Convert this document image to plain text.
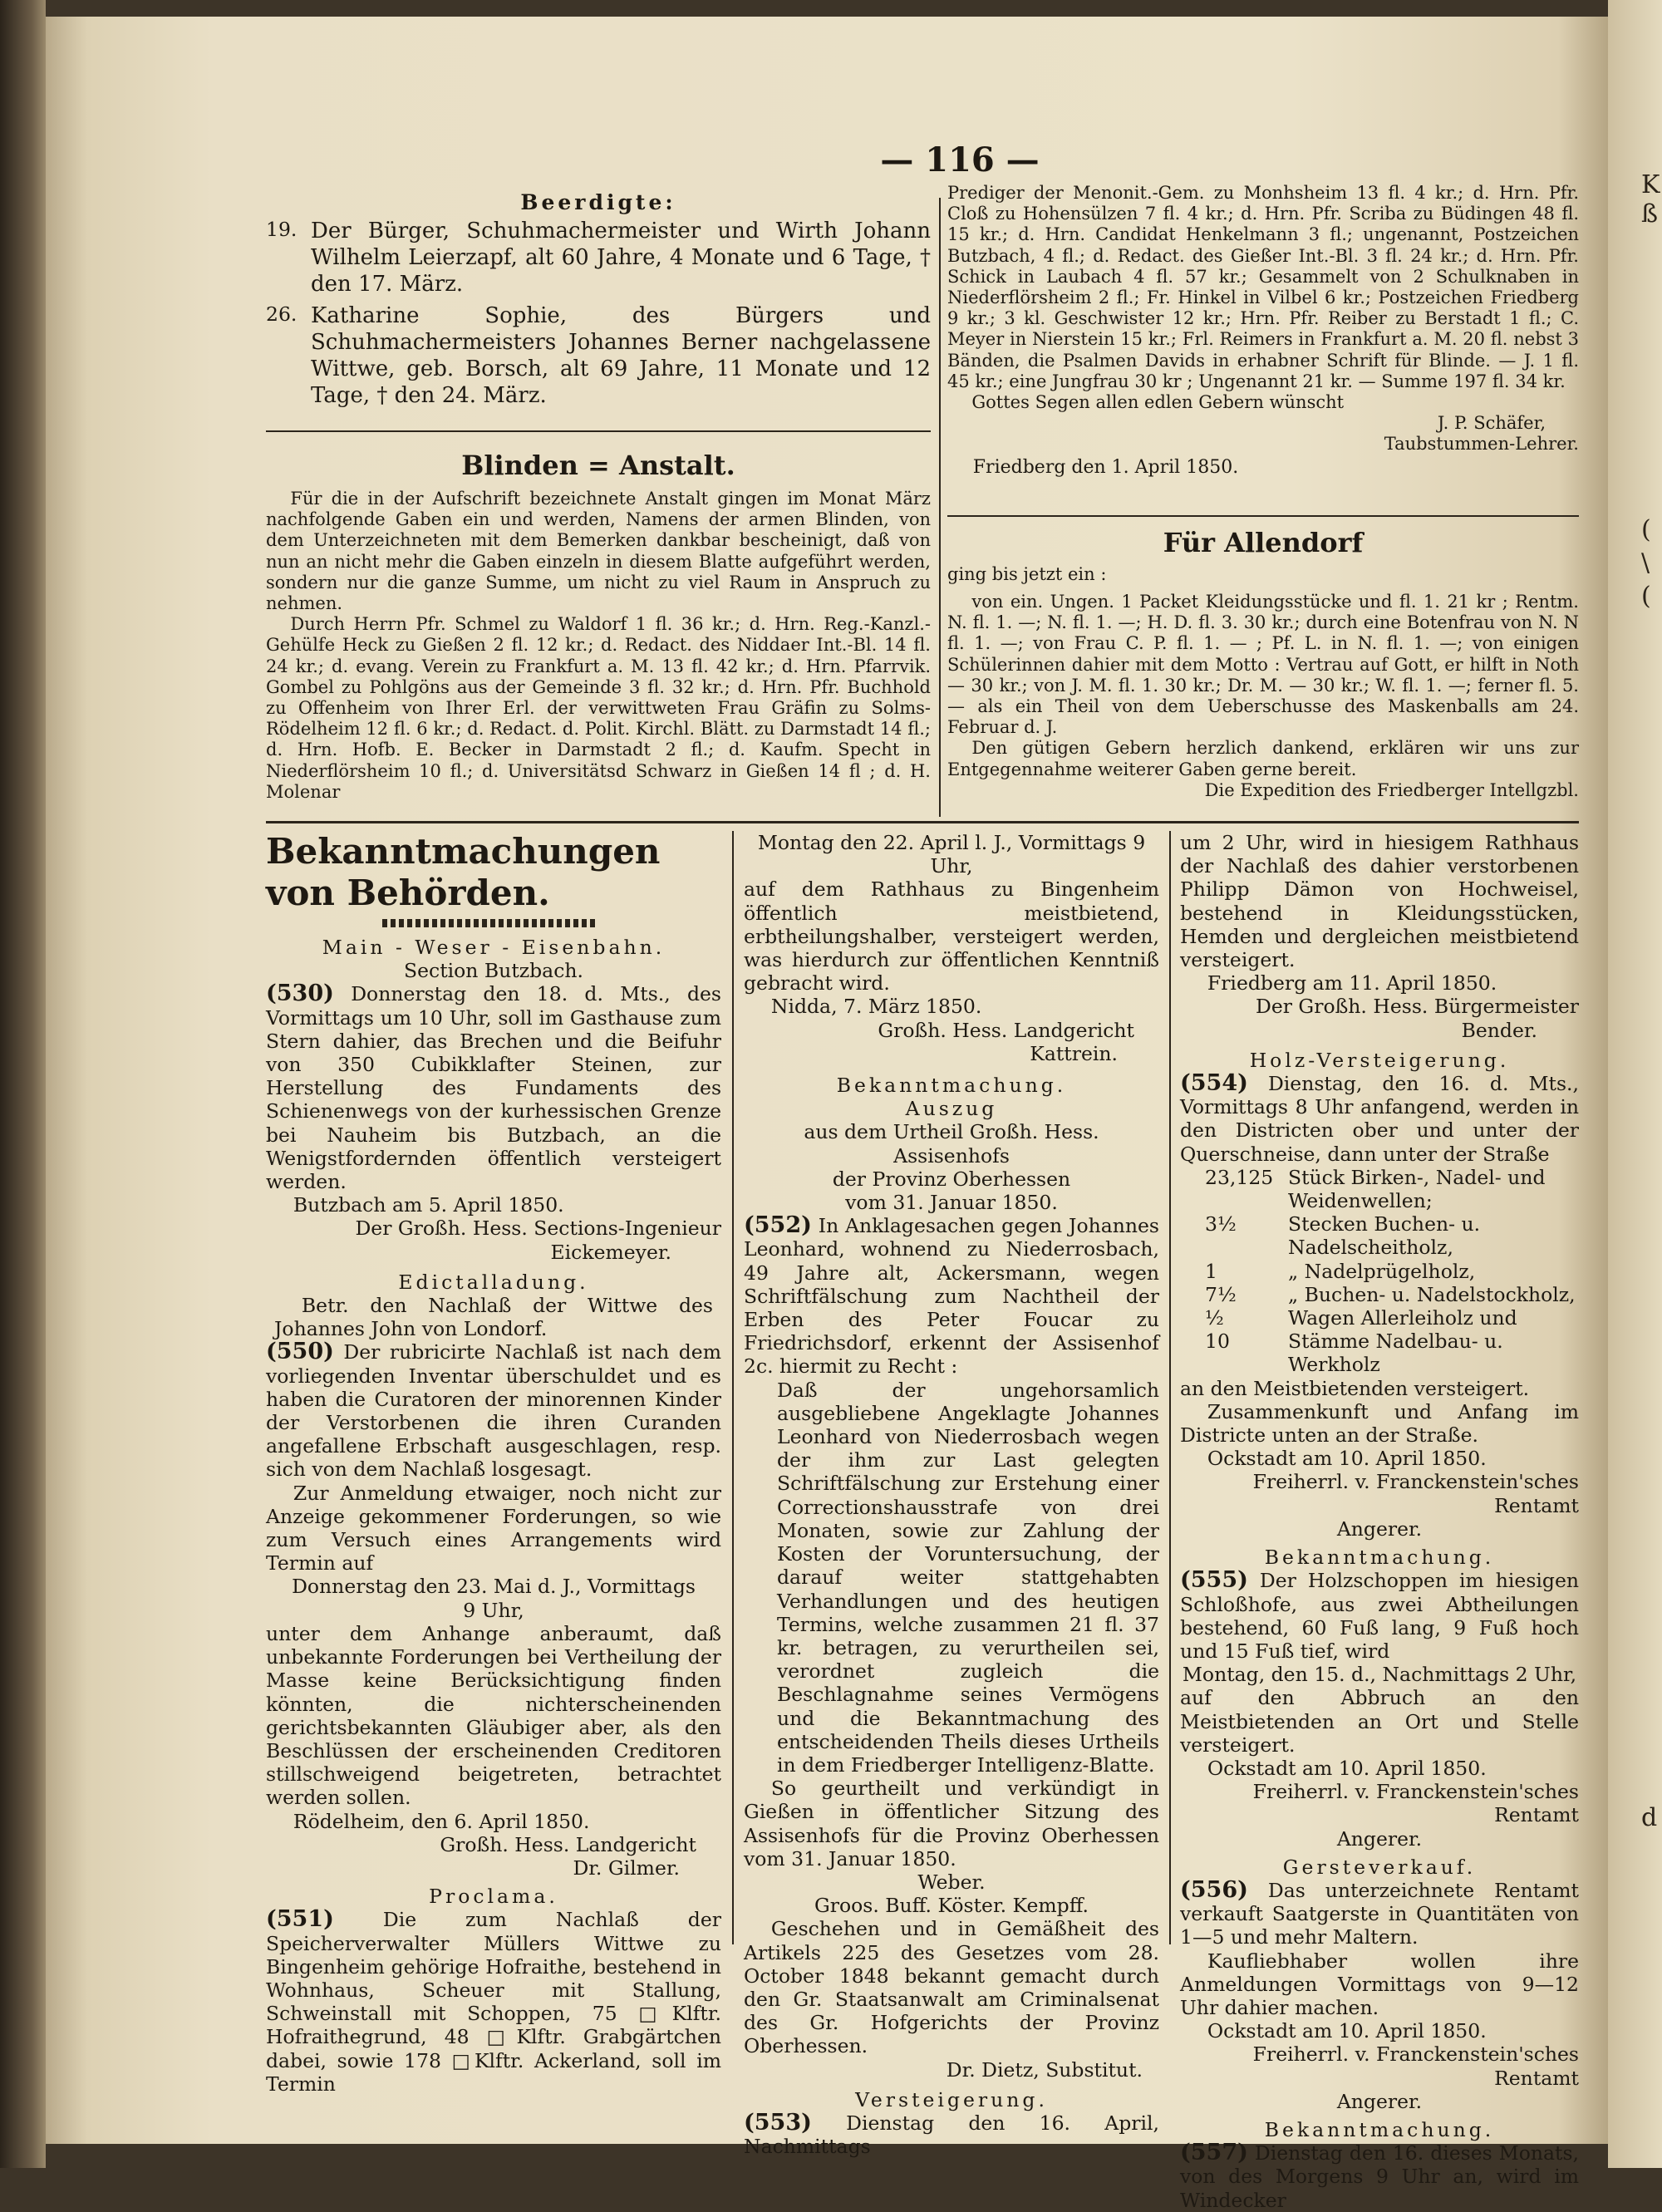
K
ß
(
\
(
d

— 116 —

Beerdigte:

19. Der Bürger, Schuhmachermeister und Wirth Johann Wilhelm Leierzapf, alt 60 Jahre, 4 Monate und 6 Tage, † den 17. März.

26. Katharine Sophie, des Bürgers und Schuhmachermeisters Johannes Berner nachgelassene Wittwe, geb. Borsch, alt 69 Jahre, 11 Monate und 12 Tage, † den 24. März.

Blinden = Anstalt.

Für die in der Aufschrift bezeichnete Anstalt gingen im Monat März nachfolgende Gaben ein und werden, Namens der armen Blinden, von dem Unterzeichneten mit dem Bemerken dankbar bescheinigt, daß von nun an nicht mehr die Gaben einzeln in diesem Blatte aufgeführt werden, sondern nur die ganze Summe, um nicht zu viel Raum in Anspruch zu nehmen.

Durch Herrn Pfr. Schmel zu Waldorf 1 fl. 36 kr.; d. Hrn. Reg.-Kanzl.-Gehülfe Heck zu Gießen 2 fl. 12 kr.; d. Redact. des Niddaer Int.-Bl. 14 fl. 24 kr.; d. evang. Verein zu Frankfurt a. M. 13 fl. 42 kr.; d. Hrn. Pfarrvik. Gombel zu Pohlgöns aus der Gemeinde 3 fl. 32 kr.; d. Hrn. Pfr. Buchhold zu Offenheim von Ihrer Erl. der verwittweten Frau Gräfin zu Solms-Rödelheim 12 fl. 6 kr.; d. Redact. d. Polit. Kirchl. Blätt. zu Darmstadt 14 fl.; d. Hrn. Hofb. E. Becker in Darmstadt 2 fl.; d. Kaufm. Specht in Niederflörsheim 10 fl.; d. Universitätsd Schwarz in Gießen 14 fl ; d. H. Molenar

Prediger der Menonit.-Gem. zu Monhsheim 13 fl. 4 kr.; d. Hrn. Pfr. Cloß zu Hohensülzen 7 fl. 4 kr.; d. Hrn. Pfr. Scriba zu Büdingen 48 fl. 15 kr.; d. Hrn. Candidat Henkelmann 3 fl.; ungenannt, Postzeichen Butzbach, 4 fl.; d. Redact. des Gießer Int.-Bl. 3 fl. 24 kr.; d. Hrn. Pfr. Schick in Laubach 4 fl. 57 kr.; Gesammelt von 2 Schulknaben in Niederflörsheim 2 fl.; Fr. Hinkel in Vilbel 6 kr.; Postzeichen Friedberg 9 kr.; 3 kl. Geschwister 12 kr.; Hrn. Pfr. Reiber zu Berstadt 1 fl.; C. Meyer in Nierstein 15 kr.; Frl. Reimers in Frankfurt a. M. 20 fl. nebst 3 Bänden, die Psalmen Davids in erhabner Schrift für Blinde. — J. 1 fl. 45 kr.; eine Jungfrau 30 kr ; Ungenannt 21 kr. — Summe 197 fl. 34 kr.

Gottes Segen allen edlen Gebern wünscht

J. P. Schäfer,

Taubstummen-Lehrer.

Friedberg den 1. April 1850.

Für Allendorf

ging bis jetzt ein :

von ein. Ungen. 1 Packet Kleidungsstücke und fl. 1. 21 kr ; Rentm. N. fl. 1. —; N. fl. 1. —; H. D. fl. 3. 30 kr.; durch eine Botenfrau von N. N fl. 1. —; von Frau C. P. fl. 1. — ; Pf. L. in N. fl. 1. —; von einigen Schülerinnen dahier mit dem Motto : Vertrau auf Gott, er hilft in Noth — 30 kr.; von J. M. fl. 1. 30 kr.; Dr. M. — 30 kr.; W. fl. 1. —; ferner fl. 5. — als ein Theil von dem Ueberschusse des Maskenballs am 24. Februar d. J.

Den gütigen Gebern herzlich dankend, erklären wir uns zur Entgegennahme weiterer Gaben gerne bereit.

Die Expedition des Friedberger Intellgzbl.

Bekanntmachungen von Behörden.

Main - Weser - Eisenbahn.

Section Butzbach.

(530) Donnerstag den 18. d. Mts., des Vormittags um 10 Uhr, soll im Gasthause zum Stern dahier, das Brechen und die Beifuhr von 350 Cubikklafter Steinen, zur Herstellung des Fundaments des Schienenwegs von der kurhessischen Grenze bei Nauheim bis Butzbach, an die Wenigstfordernden öffentlich versteigert werden.

Butzbach am 5. April 1850.

Der Großh. Hess. Sections-Ingenieur

Eickemeyer.

Edictalladung.

Betr. den Nachlaß der Wittwe des Johannes John von Londorf.

(550) Der rubricirte Nachlaß ist nach dem vorliegenden Inventar überschuldet und es haben die Curatoren der minorennen Kinder der Verstorbenen die ihren Curanden angefallene Erbschaft ausgeschlagen, resp. sich von dem Nachlaß losgesagt.

Zur Anmeldung etwaiger, noch nicht zur Anzeige gekommener Forderungen, so wie zum Versuch eines Arrangements wird Termin auf

Donnerstag den 23. Mai d. J., Vormittags 9 Uhr,

unter dem Anhange anberaumt, daß unbekannte Forderungen bei Vertheilung der Masse keine Berücksichtigung finden könnten, die nichterscheinenden gerichtsbekannten Gläubiger aber, als den Beschlüssen der erscheinenden Creditoren stillschweigend beigetreten, betrachtet werden sollen.

Rödelheim, den 6. April 1850.

Großh. Hess. Landgericht

Dr. Gilmer.

Proclama.

(551)	Die zum Nachlaß der Speicherverwalter Müllers Wittwe zu Bingenheim gehörige Hofraithe, bestehend in Wohnhaus, Scheuer mit Stallung, Schweinstall mit Schoppen, 75 □Klftr. Hofraithegrund, 48 □Klftr. Grabgärtchen dabei, sowie 178 □Klftr. Ackerland, soll im Termin

Montag den 22. April l. J., Vormittags 9 Uhr,

auf dem Rathhaus zu Bingenheim öffentlich meistbietend, erbtheilungshalber, versteigert werden, was hierdurch zur öffentlichen Kenntniß gebracht wird.

Nidda, 7. März 1850.

Großh. Hess. Landgericht

Kattrein.

Bekanntmachung.

Auszug

aus dem Urtheil Großh. Hess. Assisenhofs

der Provinz Oberhessen

vom 31. Januar 1850.

(552) In Anklagesachen gegen Johannes Leonhard, wohnend zu Niederrosbach, 49 Jahre alt, Ackersmann, wegen Schriftfälschung zum Nachtheil der Erben des Peter Foucar zu Friedrichsdorf, erkennt der Assisenhof 2c. hiermit zu Recht :

Daß der ungehorsamlich ausgebliebene Angeklagte Johannes Leonhard von Niederrosbach wegen der ihm zur Last gelegten Schriftfälschung zur Erstehung einer Correctionshausstrafe von drei Monaten, sowie zur Zahlung der Kosten der Voruntersuchung, der darauf weiter stattgehabten Verhandlungen und des heutigen Termins, welche zusammen 21 fl. 37 kr. betragen, zu verurtheilen sei, verordnet zugleich die Beschlagnahme seines Vermögens und die Bekanntmachung des entscheidenden Theils dieses Urtheils in dem Friedberger Intelligenz-Blatte.

So geurtheilt und verkündigt in Gießen in öffentlicher Sitzung des Assisenhofs für die Provinz Oberhessen vom 31. Januar 1850.

Weber.

Groos. Buff. Köster. Kempff.

Geschehen und in Gemäßheit des Artikels 225 des Gesetzes vom 28. October 1848 bekannt gemacht durch den Gr. Staatsanwalt am Criminalsenat des Gr. Hofgerichts der Provinz Oberhessen.

Dr. Dietz, Substitut.

Versteigerung.

(553) Dienstag den 16. April, Nachmittags

um 2 Uhr, wird in hiesigem Rathhaus der Nachlaß des dahier verstorbenen Philipp Dämon von Hochweisel, bestehend in Kleidungsstücken, Hemden und dergleichen meistbietend versteigert.

Friedberg am 11. April 1850.

Der Großh. Hess. Bürgermeister

Bender.

Holz-Versteigerung.

(554) Dienstag, den 16. d. Mts., Vormittags 8 Uhr anfangend, werden in den Districten ober und unter der Querschneise, dann unter der Straße

23,125 Stück Birken-, Nadel- und Weidenwellen;
3½	Stecken Buchen- u. Nadelscheitholz,
1	„ Nadelprügelholz,
7½	„ Buchen- u. Nadelstockholz,
½	Wagen Allerleiholz und
10	Stämme Nadelbau- u. Werkholz

an den Meistbietenden versteigert.

Zusammenkunft und Anfang im Districte unten an der Straße.

Ockstadt am 10. April 1850.

Freiherrl. v. Franckenstein'sches Rentamt

Angerer.

Bekanntmachung.

(555) Der Holzschoppen im hiesigen Schloßhofe, aus zwei Abtheilungen bestehend, 60 Fuß lang, 9 Fuß hoch und 15 Fuß tief, wird

Montag, den 15. d., Nachmittags 2 Uhr,

auf den Abbruch an den Meistbietenden an Ort und Stelle versteigert.

Ockstadt am 10. April 1850.

Freiherrl. v. Franckenstein'sches Rentamt

Angerer.

Gersteverkauf.

(556) Das unterzeichnete Rentamt verkauft Saatgerste in Quantitäten von 1—5 und mehr Maltern.

Kaufliebhaber wollen ihre Anmeldungen Vormittags von 9—12 Uhr dahier machen.

Ockstadt am 10. April 1850.

Freiherrl. v. Franckenstein'sches Rentamt

Angerer.

Bekanntmachung.

(557) Dienstag den 16. dieses Monats, von des Morgens 9 Uhr an, wird im Windecker
